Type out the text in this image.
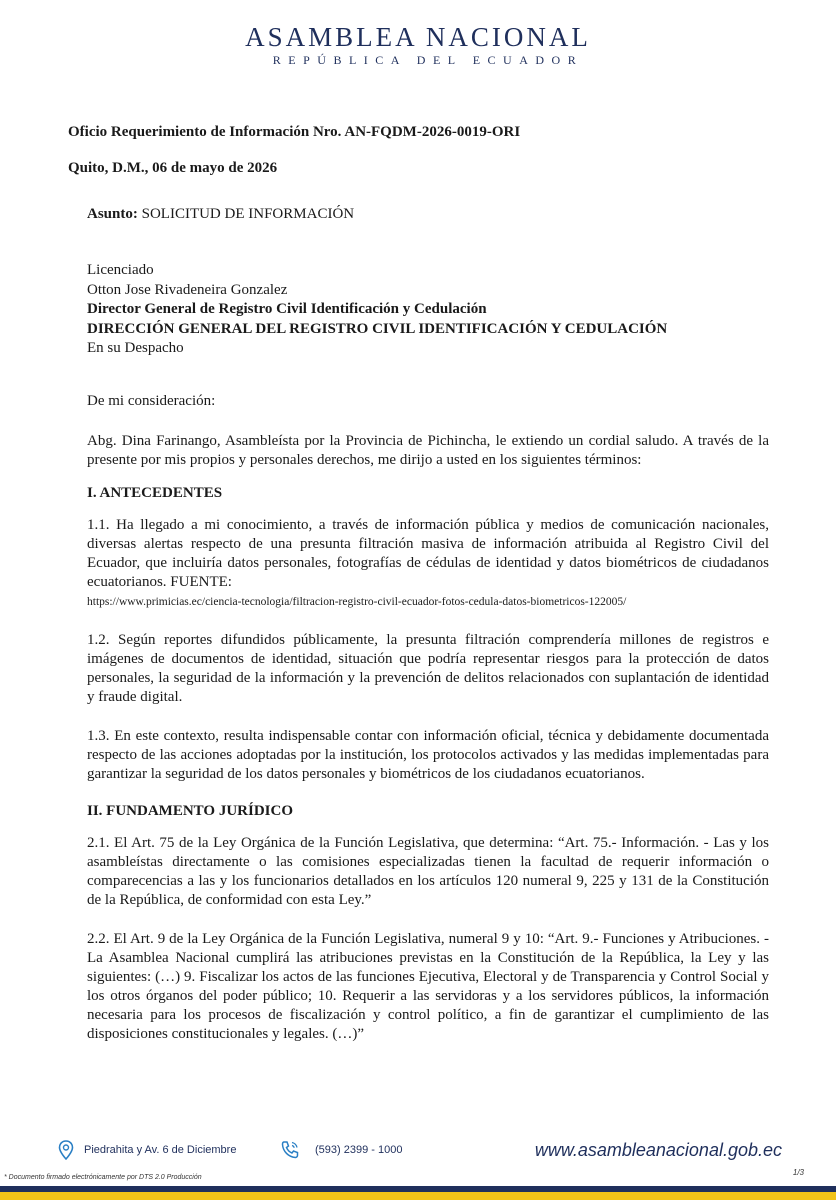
ASAMBLEA NACIONAL
REPÚBLICA DEL ECUADOR
Oficio Requerimiento de Información Nro. AN-FQDM-2026-0019-ORI
Quito, D.M., 06 de mayo de 2026

Asunto: SOLICITUD DE INFORMACIÓN

Licenciado
Otton Jose Rivadeneira Gonzalez
Director General de Registro Civil Identificación y Cedulación
DIRECCIÓN GENERAL DEL REGISTRO CIVIL IDENTIFICACIÓN Y CEDULACIÓN
En su Despacho

De mi consideración:

Abg. Dina Farinango, Asambleísta por la Provincia de Pichincha, le extiendo un cordial saludo. A través de la presente por mis propios y personales derechos, me dirijo a usted en los siguientes términos:

I. ANTECEDENTES

1.1. Ha llegado a mi conocimiento, a través de información pública y medios de comunicación nacionales, diversas alertas respecto de una presunta filtración masiva de información atribuida al Registro Civil del Ecuador, que incluiría datos personales, fotografías de cédulas de identidad y datos biométricos de ciudadanos ecuatorianos. FUENTE:
https://www.primicias.ec/ciencia-tecnologia/filtracion-registro-civil-ecuador-fotos-cedula-datos-biometricos-122005/

1.2. Según reportes difundidos públicamente, la presunta filtración comprendería millones de registros e imágenes de documentos de identidad, situación que podría representar riesgos para la protección de datos personales, la seguridad de la información y la prevención de delitos relacionados con suplantación de identidad y fraude digital.

1.3. En este contexto, resulta indispensable contar con información oficial, técnica y debidamente documentada respecto de las acciones adoptadas por la institución, los protocolos activados y las medidas implementadas para garantizar la seguridad de los datos personales y biométricos de los ciudadanos ecuatorianos.

II. FUNDAMENTO JURÍDICO

2.1. El Art. 75 de la Ley Orgánica de la Función Legislativa, que determina: “Art. 75.- Información. - Las y los asambleístas directamente o las comisiones especializadas tienen la facultad de requerir información o comparecencias a las y los funcionarios detallados en los artículos 120 numeral 9, 225 y 131 de la Constitución de la República, de conformidad con esta Ley.”

2.2. El Art. 9 de la Ley Orgánica de la Función Legislativa, numeral 9 y 10: “Art. 9.- Funciones y Atribuciones. - La Asamblea Nacional cumplirá las atribuciones previstas en la Constitución de la República, la Ley y las siguientes: (…) 9. Fiscalizar los actos de las funciones Ejecutiva, Electoral y de Transparencia y Control Social y los otros órganos del poder público; 10. Requerir a las servidoras y a los servidores públicos, la información necesaria para los procesos de fiscalización y control político, a fin de garantizar el cumplimiento de las disposiciones constitucionales y legales. (…)”

Piedrahita y Av. 6 de Diciembre	(593) 2399 - 1000	www.asambleanacional.gob.ec
1/3
* Documento firmado electrónicamente por DTS 2.0 Producción
